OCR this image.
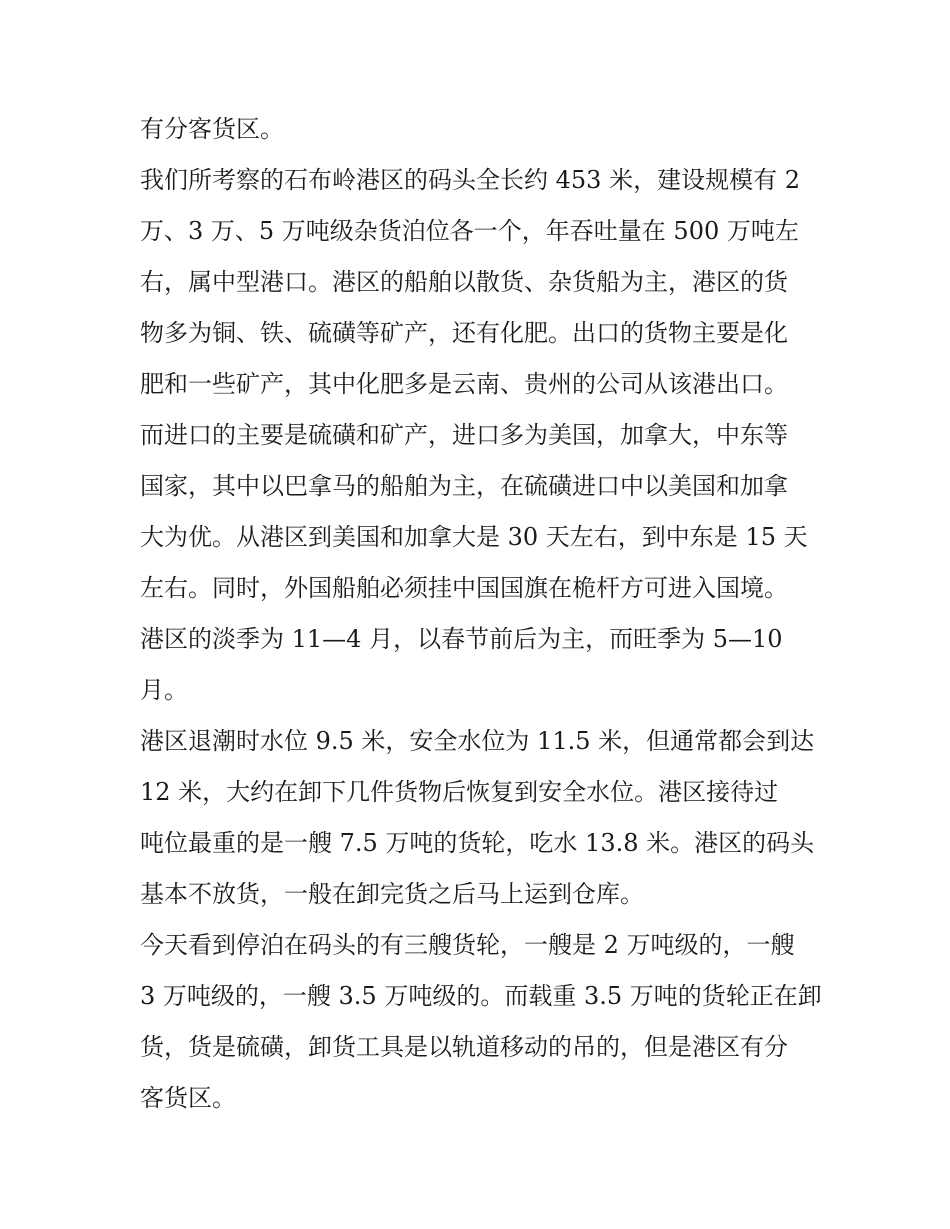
有分客货区。
我们所考察的石布岭港区的码头全长约 453 米，建设规模有 2
万、3 万、5 万吨级杂货泊位各一个，年吞吐量在 500 万吨左
右，属中型港口。港区的船舶以散货、杂货船为主，港区的货
物多为铜、铁、硫磺等矿产，还有化肥。出口的货物主要是化
肥和一些矿产，其中化肥多是云南、贵州的公司从该港出口。
而进口的主要是硫磺和矿产，进口多为美国，加拿大，中东等
国家，其中以巴拿马的船舶为主，在硫磺进口中以美国和加拿
大为优。从港区到美国和加拿大是 30 天左右，到中东是 15 天
左右。同时，外国船舶必须挂中国国旗在桅杆方可进入国境。
港区的淡季为 11—4 月，以春节前后为主，而旺季为 5—10
月。
港区退潮时水位 9.5 米，安全水位为 11.5 米，但通常都会到达
12 米，大约在卸下几件货物后恢复到安全水位。港区接待过
吨位最重的是一艘 7.5 万吨的货轮，吃水 13.8 米。港区的码头
基本不放货，一般在卸完货之后马上运到仓库。
今天看到停泊在码头的有三艘货轮，一艘是 2 万吨级的，一艘
3 万吨级的，一艘 3.5 万吨级的。而载重 3.5 万吨的货轮正在卸
货，货是硫磺，卸货工具是以轨道移动的吊的，但是港区有分
客货区。
